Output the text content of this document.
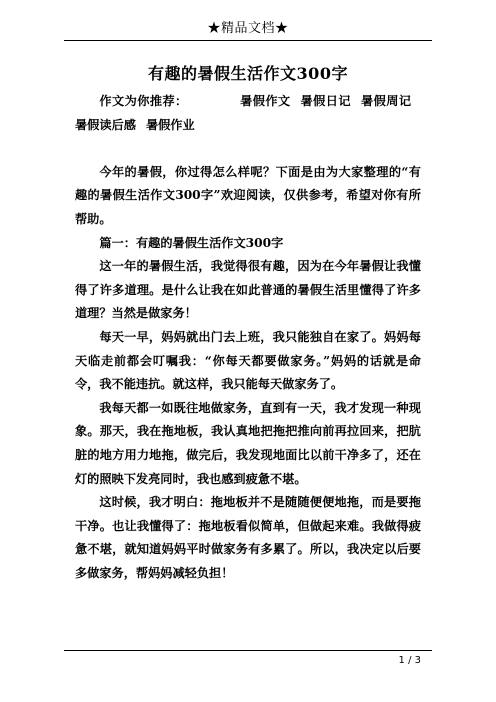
★精品文档★
有趣的暑假生活作文300字

作文为你推荐：	暑假作文 暑假日记 暑假周记暑假读后感 暑假作业

今年的暑假，你过得怎么样呢？下面是由为大家整理的“有趣的暑假生活作文300字”欢迎阅读，仅供参考，希望对你有所帮助。

篇一：有趣的暑假生活作文300字

这一年的暑假生活，我觉得很有趣，因为在今年暑假让我懂得了许多道理。是什么让我在如此普通的暑假生活里懂得了许多道理？当然是做家务！

每天一早，妈妈就出门去上班，我只能独自在家了。妈妈每天临走前都会叮嘱我：“你每天都要做家务。”妈妈的话就是命令，我不能违抗。就这样，我只能每天做家务了。

我每天都一如既往地做家务，直到有一天，我才发现一种现象。那天，我在拖地板，我认真地把拖把推向前再拉回来，把肮脏的地方用力地拖，做完后，我发现地面比以前干净多了，还在灯的照映下发亮同时，我也感到疲惫不堪。

这时候，我才明白：拖地板并不是随随便便地拖，而是要拖干净。也让我懂得了：拖地板看似简单，但做起来难。我做得疲惫不堪，就知道妈妈平时做家务有多累了。所以，我决定以后要多做家务，帮妈妈减轻负担！

1 / 3
